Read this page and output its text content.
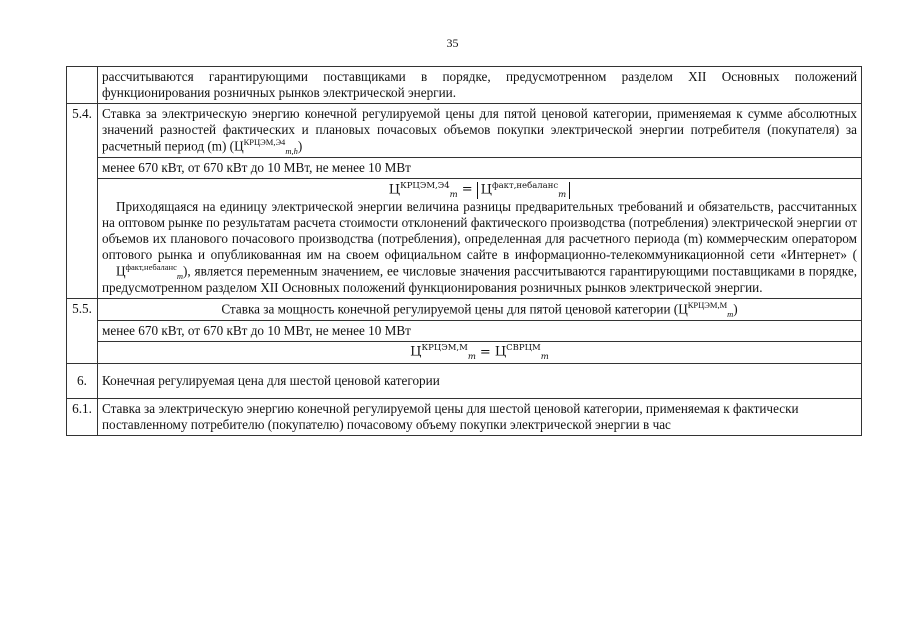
35
	рассчитываются гарантирующими поставщиками в порядке, предусмотренном разделом XII Основных положений функционирования розничных рынков электрической энергии.
5.4.	Ставка за электрическую энергию конечной регулируемой цены для пятой ценовой категории, применяемая к сумме абсолютных значений разностей фактических и плановых почасовых объемов покупки электрической энергии потребителя (покупателя) за расчетный период (m) $(Ц^{КРЦЭМ,Э4}_{m,h})$
	менее 670 кВт, от 670 кВт до 10 МВт, не менее 10 МВт

	$Ц^{КРЦЭМ,Э4}_m = Ц^{факт,небаланс}_m$
Приходящаяся на единицу электрической энергии величина разницы предварительных требований и обязательств, рассчитанных на оптовом рынке по результатам расчета стоимости отклонений фактического производства (потребления) электрической энергии от объемов их планового почасового производства (потребления), определенная для расчетного периода (m) коммерческим оператором оптового рынка и опубликованная им на своем официальном сайте в информационно-телекоммуникационной сети «Интернет» $(Ц^{факт,небаланс}_m)$, является переменным значением, ее числовые значения рассчитываются гарантирующими поставщиками в порядке, предусмотренном разделом XII Основных положений функционирования розничных рынков электрической энергии.

5.5.	Ставка за мощность конечной регулируемой цены для пятой ценовой категории $(Ц^{КРЦЭМ,М}_m)$
	менее 670 кВт, от 670 кВт до 10 МВт, не менее 10 МВт

	$Ц^{КРЦЭМ,М}_m = Ц^{СВРЦМ}_m$

6.	Конечная регулируемая цена для шестой ценовой категории
6.1.	Ставка за электрическую энергию конечной регулируемой цены для шестой ценовой категории, применяемая к фактически поставленному потребителю (покупателю) почасовому объему покупки электрической энергии в час
